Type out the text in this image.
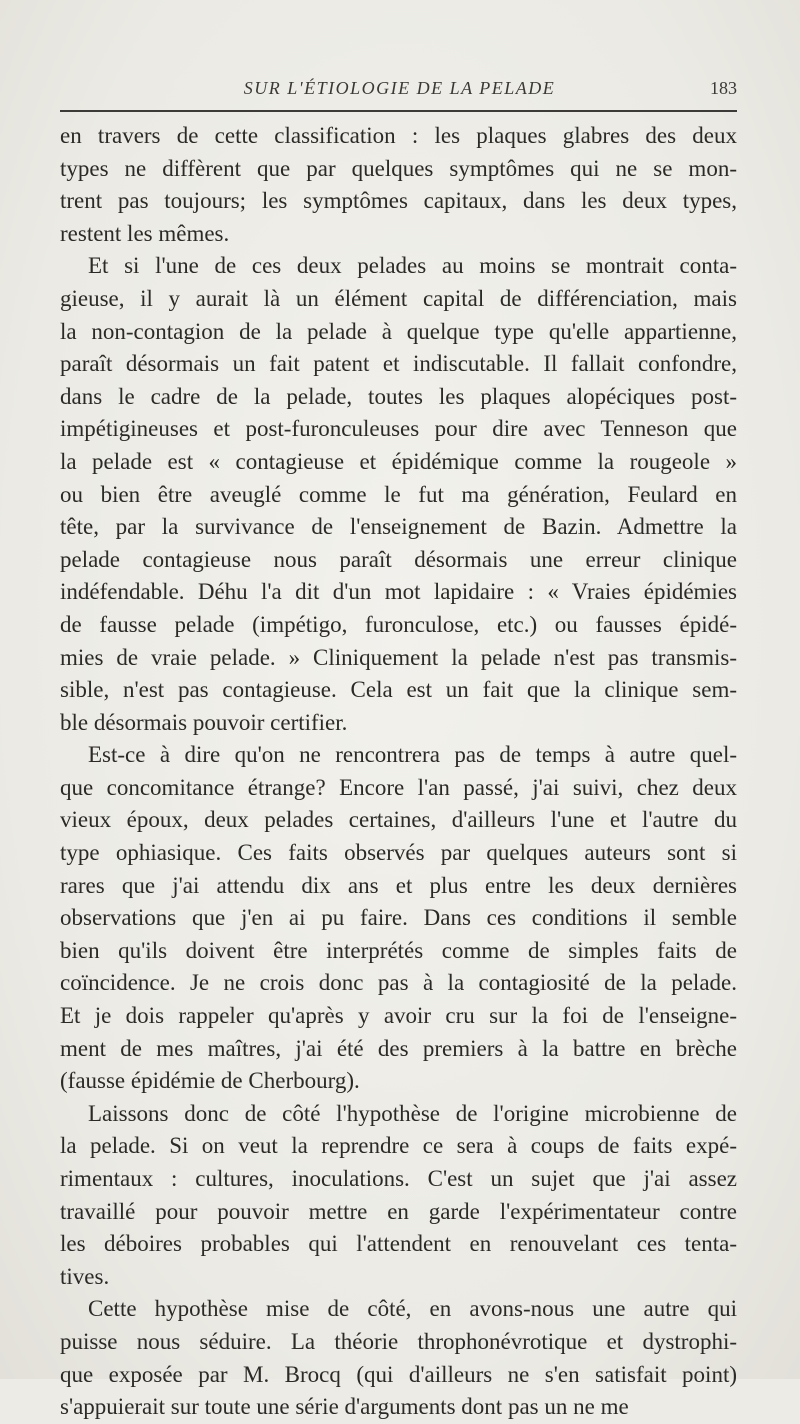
SUR L'ÉTIOLOGIE DE LA PELADE	183
en travers de cette classification : les plaques glabres des deux
types ne diffèrent que par quelques symptômes qui ne se mon-
trent pas toujours; les symptômes capitaux, dans les deux types,
restent les mêmes.
Et si l'une de ces deux pelades au moins se montrait conta-
gieuse, il y aurait là un élément capital de différenciation, mais
la non-contagion de la pelade à quelque type qu'elle appartienne,
paraît désormais un fait patent et indiscutable. Il fallait confondre,
dans le cadre de la pelade, toutes les plaques alopéciques post-
impétigineuses et post-furonculeuses pour dire avec Tenneson que
la pelade est « contagieuse et épidémique comme la rougeole »
ou bien être aveuglé comme le fut ma génération, Feulard en
tête, par la survivance de l'enseignement de Bazin. Admettre la
pelade contagieuse nous paraît désormais une erreur clinique
indéfendable. Déhu l'a dit d'un mot lapidaire : « Vraies épidémies
de fausse pelade (impétigo, furonculose, etc.) ou fausses épidé-
mies de vraie pelade. » Cliniquement la pelade n'est pas transmis-
sible, n'est pas contagieuse. Cela est un fait que la clinique sem-
ble désormais pouvoir certifier.
Est-ce à dire qu'on ne rencontrera pas de temps à autre quel-
que concomitance étrange? Encore l'an passé, j'ai suivi, chez deux
vieux époux, deux pelades certaines, d'ailleurs l'une et l'autre du
type ophiasique. Ces faits observés par quelques auteurs sont si
rares que j'ai attendu dix ans et plus entre les deux dernières
observations que j'en ai pu faire. Dans ces conditions il semble
bien qu'ils doivent être interprétés comme de simples faits de
coïncidence. Je ne crois donc pas à la contagiosité de la pelade.
Et je dois rappeler qu'après y avoir cru sur la foi de l'enseigne-
ment de mes maîtres, j'ai été des premiers à la battre en brèche
(fausse épidémie de Cherbourg).
Laissons donc de côté l'hypothèse de l'origine microbienne de
la pelade. Si on veut la reprendre ce sera à coups de faits expé-
rimentaux : cultures, inoculations. C'est un sujet que j'ai assez
travaillé pour pouvoir mettre en garde l'expérimentateur contre
les déboires probables qui l'attendent en renouvelant ces tenta-
tives.
Cette hypothèse mise de côté, en avons-nous une autre qui
puisse nous séduire. La théorie throphonévrotique et dystrophi-
que exposée par M. Brocq (qui d'ailleurs ne s'en satisfait point)
s'appuierait sur toute une série d'arguments dont pas un ne me
